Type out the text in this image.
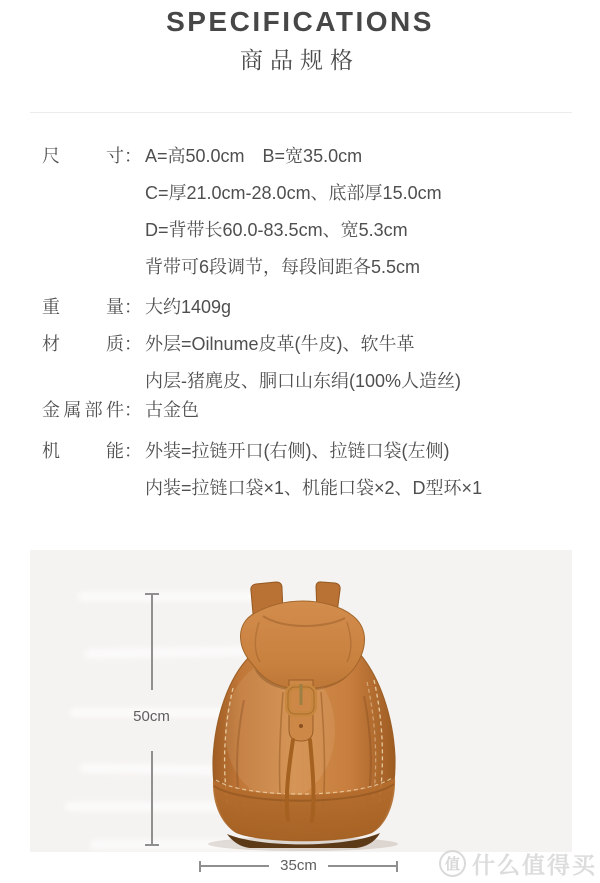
SPECIFICATIONS
商品规格
尺寸： A=高50.0cm　B=宽35.0cm
C=厚21.0cm-28.0cm、底部厚15.0cm
D=背带长60.0-83.5cm、宽5.3cm
背带可6段调节，每段间距各5.5cm
重量： 大约1409g
材质： 外层=Oilnume皮革(牛皮)、软牛革
内层-猪麂皮、胴口山东绢(100%人造丝)
金属部件： 古金色
机能： 外装=拉链开口(右侧)、拉链口袋(左侧)
内装=拉链口袋×1、机能口袋×2、D型环×1
50cm
35cm	值 什么值得买
